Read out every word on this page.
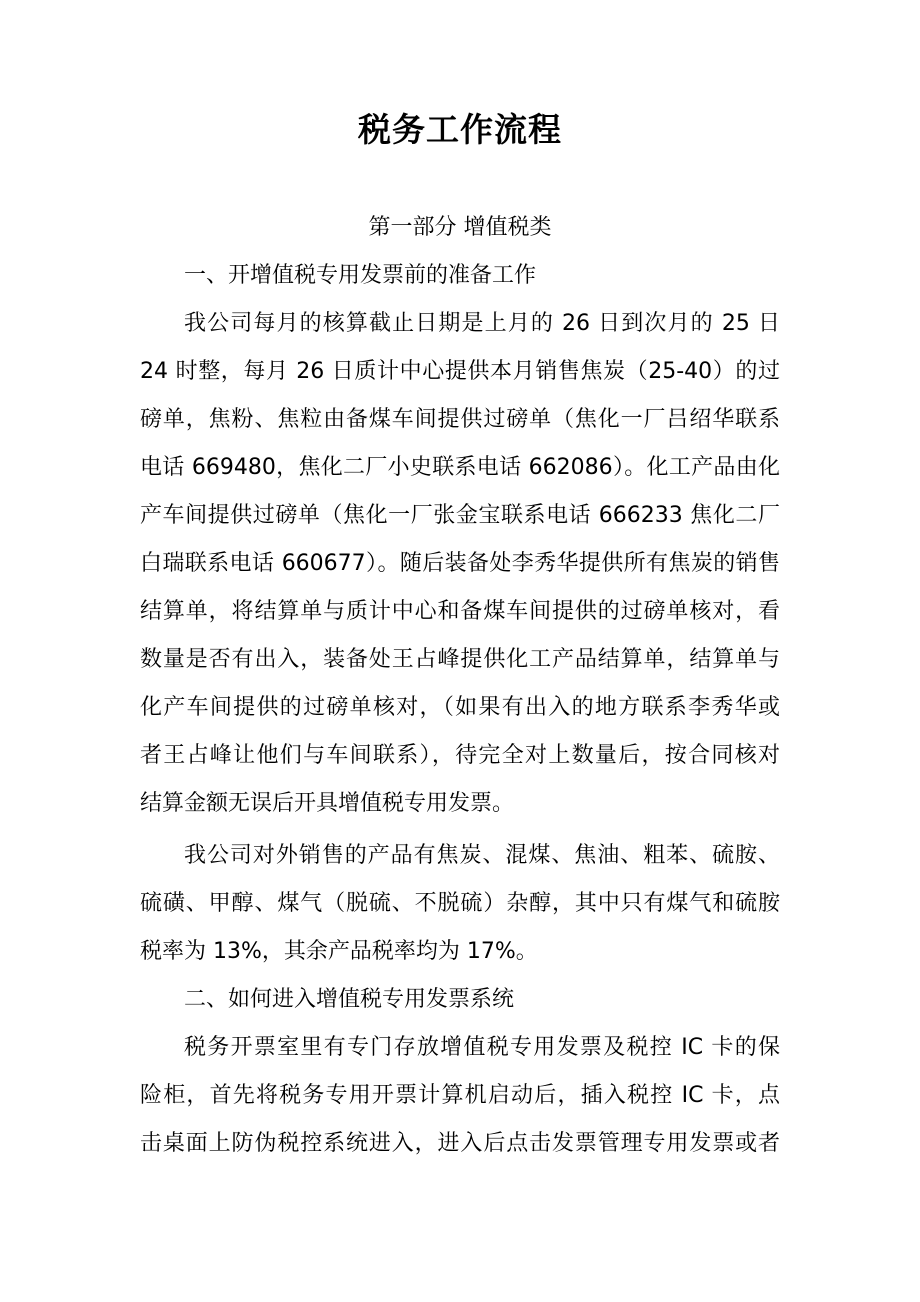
税务工作流程
第一部分 增值税类
一、开增值税专用发票前的准备工作
我公司每月的核算截止日期是上月的 26 日到次月的 25 日
24 时整，每月 26 日质计中心提供本月销售焦炭（25-40）的过
磅单，焦粉、焦粒由备煤车间提供过磅单（焦化一厂吕绍华联系
电话 669480，焦化二厂小史联系电话 662086）。化工产品由化
产车间提供过磅单（焦化一厂张金宝联系电话 666233 焦化二厂
白瑞联系电话 660677）。随后装备处李秀华提供所有焦炭的销售
结算单，将结算单与质计中心和备煤车间提供的过磅单核对，看
数量是否有出入，装备处王占峰提供化工产品结算单，结算单与
化产车间提供的过磅单核对，（如果有出入的地方联系李秀华或
者王占峰让他们与车间联系），待完全对上数量后，按合同核对
结算金额无误后开具增值税专用发票。
我公司对外销售的产品有焦炭、混煤、焦油、粗苯、硫胺、
硫磺、甲醇、煤气（脱硫、不脱硫）杂醇，其中只有煤气和硫胺
税率为 13%，其余产品税率均为 17%。
二、如何进入增值税专用发票系统
税务开票室里有专门存放增值税专用发票及税控 IC 卡的保
险柜，首先将税务专用开票计算机启动后，插入税控 IC 卡，点
击桌面上防伪税控系统进入，进入后点击发票管理专用发票或者
